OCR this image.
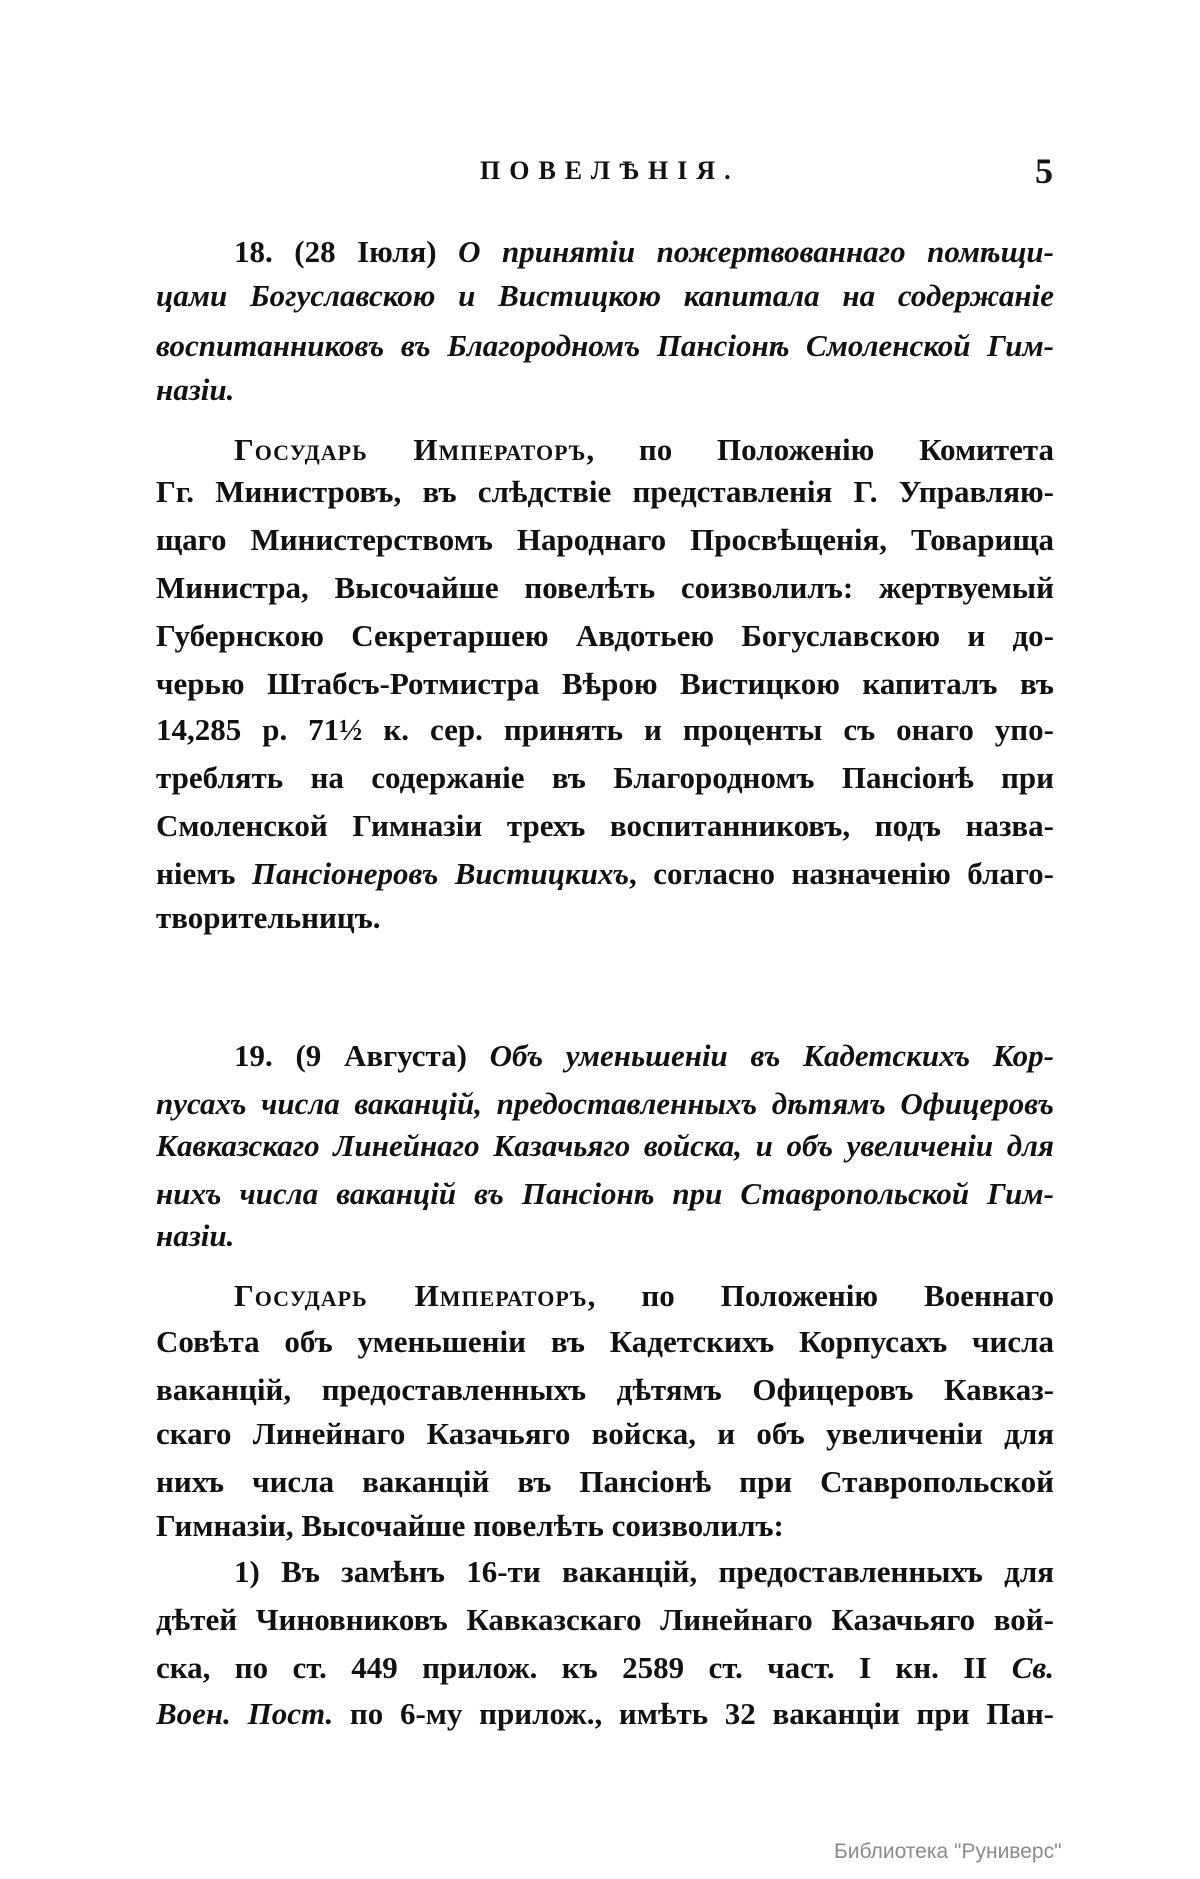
ПОВЕЛѢНІЯ.	5
Библиотека "Руниверс"
18. (28 Іюля) О принятіи пожертвованнаго помѣщи-
цами Богуславскою и Вистицкою капитала на содержаніе
воспитанниковъ въ Благородномъ Пансіонѣ Смоленской Гим-
назіи.
Государь Императоръ, по Положенію Комитета
Гг. Министровъ, въ слѣдствіе представленія Г. Управляю-
щаго Министерствомъ Народнаго Просвѣщенія, Товарища
Министра, Высочайше повелѣть соизволилъ: жертвуемый
Губернскою Секретаршею Авдотьею Богуславскою и до-
черью Штабсъ-Ротмистра Вѣрою Вистицкою капиталъ въ
14,285 р. 71½ к. сер. принять и проценты съ онаго упо-
треблять на содержаніе въ Благородномъ Пансіонѣ при
Смоленской Гимназіи трехъ воспитанниковъ, подъ назва-
ніемъ Пансіонеровъ Вистицкихъ, согласно назначенію благо-
творительницъ.
19. (9 Августа) Объ уменьшеніи въ Кадетскихъ Кор-
пусахъ числа ваканцій, предоставленныхъ дѣтямъ Офицеровъ
Кавказскаго Линейнаго Казачьяго войска, и объ увеличеніи для
нихъ числа ваканцій въ Пансіонѣ при Ставропольской Гим-
назіи.
Государь Императоръ, по Положенію Военнаго
Совѣта объ уменьшеніи въ Кадетскихъ Корпусахъ числа
ваканцій, предоставленныхъ дѣтямъ Офицеровъ Кавказ-
скаго Линейнаго Казачьяго войска, и объ увеличеніи для
нихъ числа ваканцій въ Пансіонѣ при Ставропольской
Гимназіи, Высочайше повелѣть соизволилъ:
1) Въ замѣнъ 16-ти ваканцій, предоставленныхъ для
дѣтей Чиновниковъ Кавказскаго Линейнаго Казачьяго вой-
ска, по ст. 449 прилож. къ 2589 ст. част. I кн. II Св.
Воен. Пост. по 6-му прилож., имѣть 32 ваканціи при Пан-
